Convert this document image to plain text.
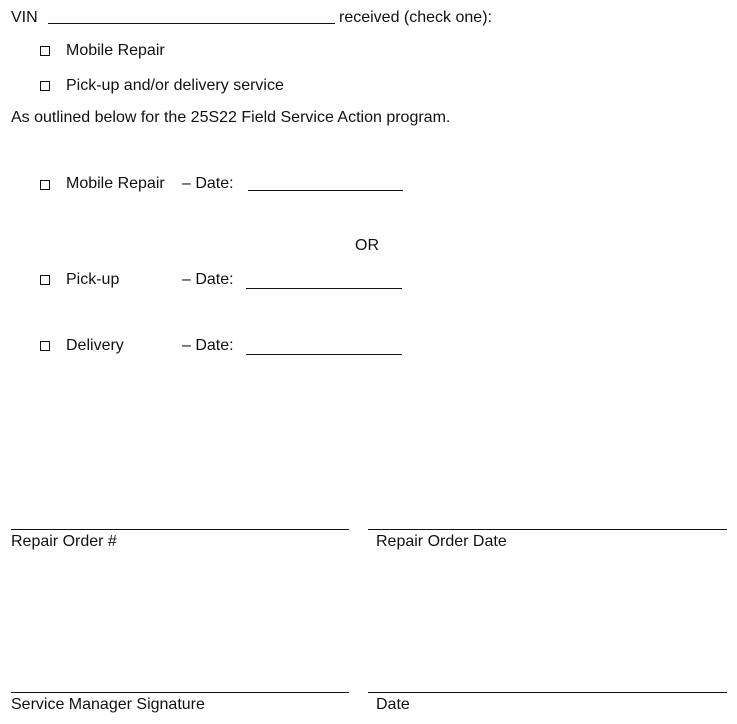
VIN	received (check one):
Mobile Repair
Pick-up and/or delivery service
As outlined below for the 25S22 Field Service Action program.
Mobile Repair – Date:
OR
Pick-up	– Date:
Delivery	– Date:
Repair Order #	Repair Order Date
Service Manager Signature	Date
